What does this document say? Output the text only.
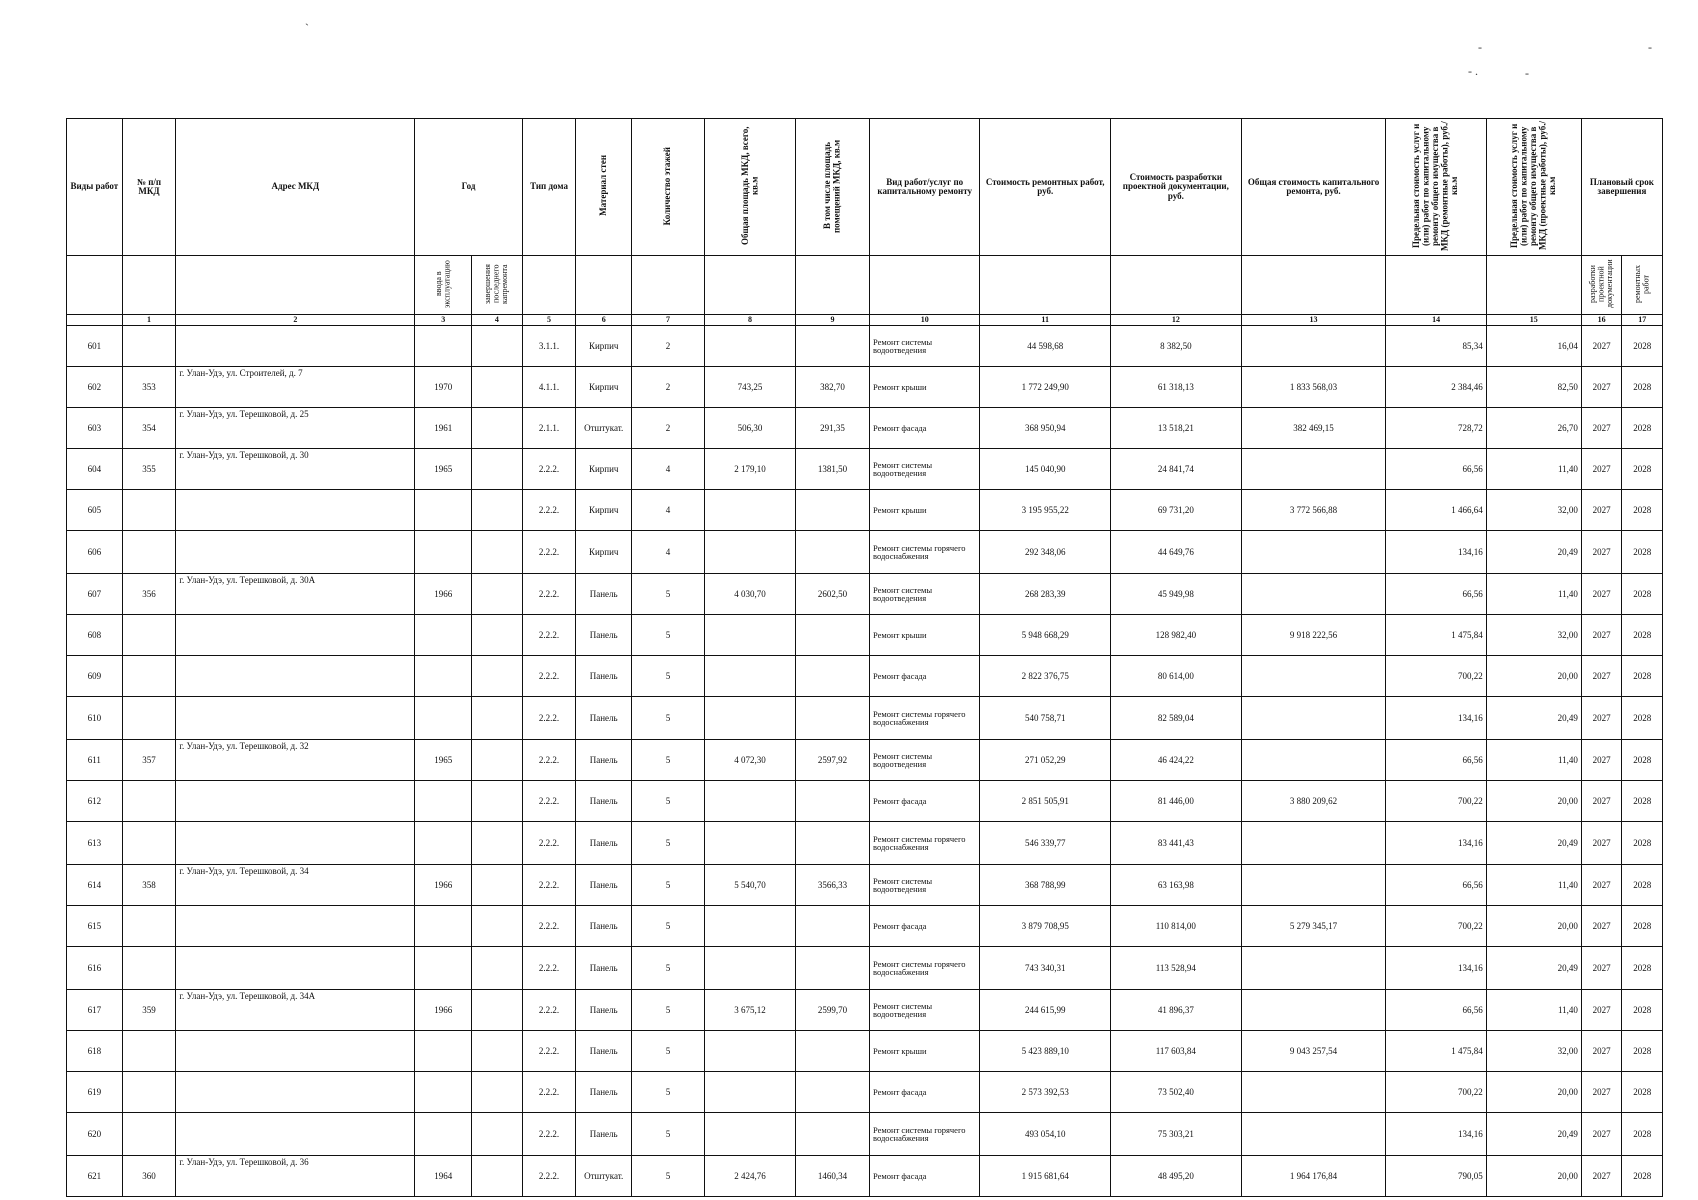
ˏ
-	-
- .	-
Виды работ	№ п/п МКД	Адрес МКД	Год		Тип дома	Материал стен	Количество этажей	Общая площадь МКД, всего, кв.м	В том числе площадь помещений МКД, кв.м	Вид работ/услуг по капитальному ремонту	Стоимость ремонтных работ, руб.	Стоимость разработки проектной документации, руб.	Общая стоимость капитального ремонта, руб.	Предельная стоимость услуг и (или) работ по капитальному ремонту общего имущества в МКД (ремонтные работы), руб./кв.м	Предельная стоимость услуг и (или) работ по капитальному ремонту общего имущества в МКД (проектные работы), руб./кв.м	Плановый срок завершения	
			ввода в эксплуатацию	завершения последнего капремонта												разработки проектной документации	ремонтных работ
	1	2	3	4	5	6	7	8	9	10	11	12	13	14	15	16	17
601					3.1.1.	Кирпич	2			Ремонт системы водоотведения	44 598,68	8 382,50		85,34	16,04	2027	2028
602	353	г. Улан-Удэ, ул. Строителей, д. 7	1970		4.1.1.	Кирпич	2	743,25	382,70	Ремонт крыши	1 772 249,90	61 318,13	1 833 568,03	2 384,46	82,50	2027	2028
603	354	г. Улан-Удэ, ул. Терешковой, д. 25	1961		2.1.1.	Отштукат.	2	506,30	291,35	Ремонт фасада	368 950,94	13 518,21	382 469,15	728,72	26,70	2027	2028
604	355	г. Улан-Удэ, ул. Терешковой, д. 30	1965		2.2.2.	Кирпич	4	2 179,10	1381,50	Ремонт системы водоотведения	145 040,90	24 841,74		66,56	11,40	2027	2028
605					2.2.2.	Кирпич	4			Ремонт крыши	3 195 955,22	69 731,20	3 772 566,88	1 466,64	32,00	2027	2028
606					2.2.2.	Кирпич	4			Ремонт системы горячего водоснабжения	292 348,06	44 649,76		134,16	20,49	2027	2028
607	356	г. Улан-Удэ, ул. Терешковой, д. 30А	1966		2.2.2.	Панель	5	4 030,70	2602,50	Ремонт системы водоотведения	268 283,39	45 949,98		66,56	11,40	2027	2028
608					2.2.2.	Панель	5			Ремонт крыши	5 948 668,29	128 982,40	9 918 222,56	1 475,84	32,00	2027	2028
609					2.2.2.	Панель	5			Ремонт фасада	2 822 376,75	80 614,00		700,22	20,00	2027	2028
610					2.2.2.	Панель	5			Ремонт системы горячего водоснабжения	540 758,71	82 589,04		134,16	20,49	2027	2028
611	357	г. Улан-Удэ, ул. Терешковой, д. 32	1965		2.2.2.	Панель	5	4 072,30	2597,92	Ремонт системы водоотведения	271 052,29	46 424,22		66,56	11,40	2027	2028
612					2.2.2.	Панель	5			Ремонт фасада	2 851 505,91	81 446,00	3 880 209,62	700,22	20,00	2027	2028
613					2.2.2.	Панель	5			Ремонт системы горячего водоснабжения	546 339,77	83 441,43		134,16	20,49	2027	2028
614	358	г. Улан-Удэ, ул. Терешковой, д. 34	1966		2.2.2.	Панель	5	5 540,70	3566,33	Ремонт системы водоотведения	368 788,99	63 163,98		66,56	11,40	2027	2028
615					2.2.2.	Панель	5			Ремонт фасада	3 879 708,95	110 814,00	5 279 345,17	700,22	20,00	2027	2028
616					2.2.2.	Панель	5			Ремонт системы горячего водоснабжения	743 340,31	113 528,94		134,16	20,49	2027	2028
617	359	г. Улан-Удэ, ул. Терешковой, д. 34А	1966		2.2.2.	Панель	5	3 675,12	2599,70	Ремонт системы водоотведения	244 615,99	41 896,37		66,56	11,40	2027	2028
618					2.2.2.	Панель	5			Ремонт крыши	5 423 889,10	117 603,84	9 043 257,54	1 475,84	32,00	2027	2028
619					2.2.2.	Панель	5			Ремонт фасада	2 573 392,53	73 502,40		700,22	20,00	2027	2028
620					2.2.2.	Панель	5			Ремонт системы горячего водоснабжения	493 054,10	75 303,21		134,16	20,49	2027	2028
621	360	г. Улан-Удэ, ул. Терешковой, д. 36	1964		2.2.2.	Отштукат.	5	2 424,76	1460,34	Ремонт фасада	1 915 681,64	48 495,20	1 964 176,84	790,05	20,00	2027	2028
